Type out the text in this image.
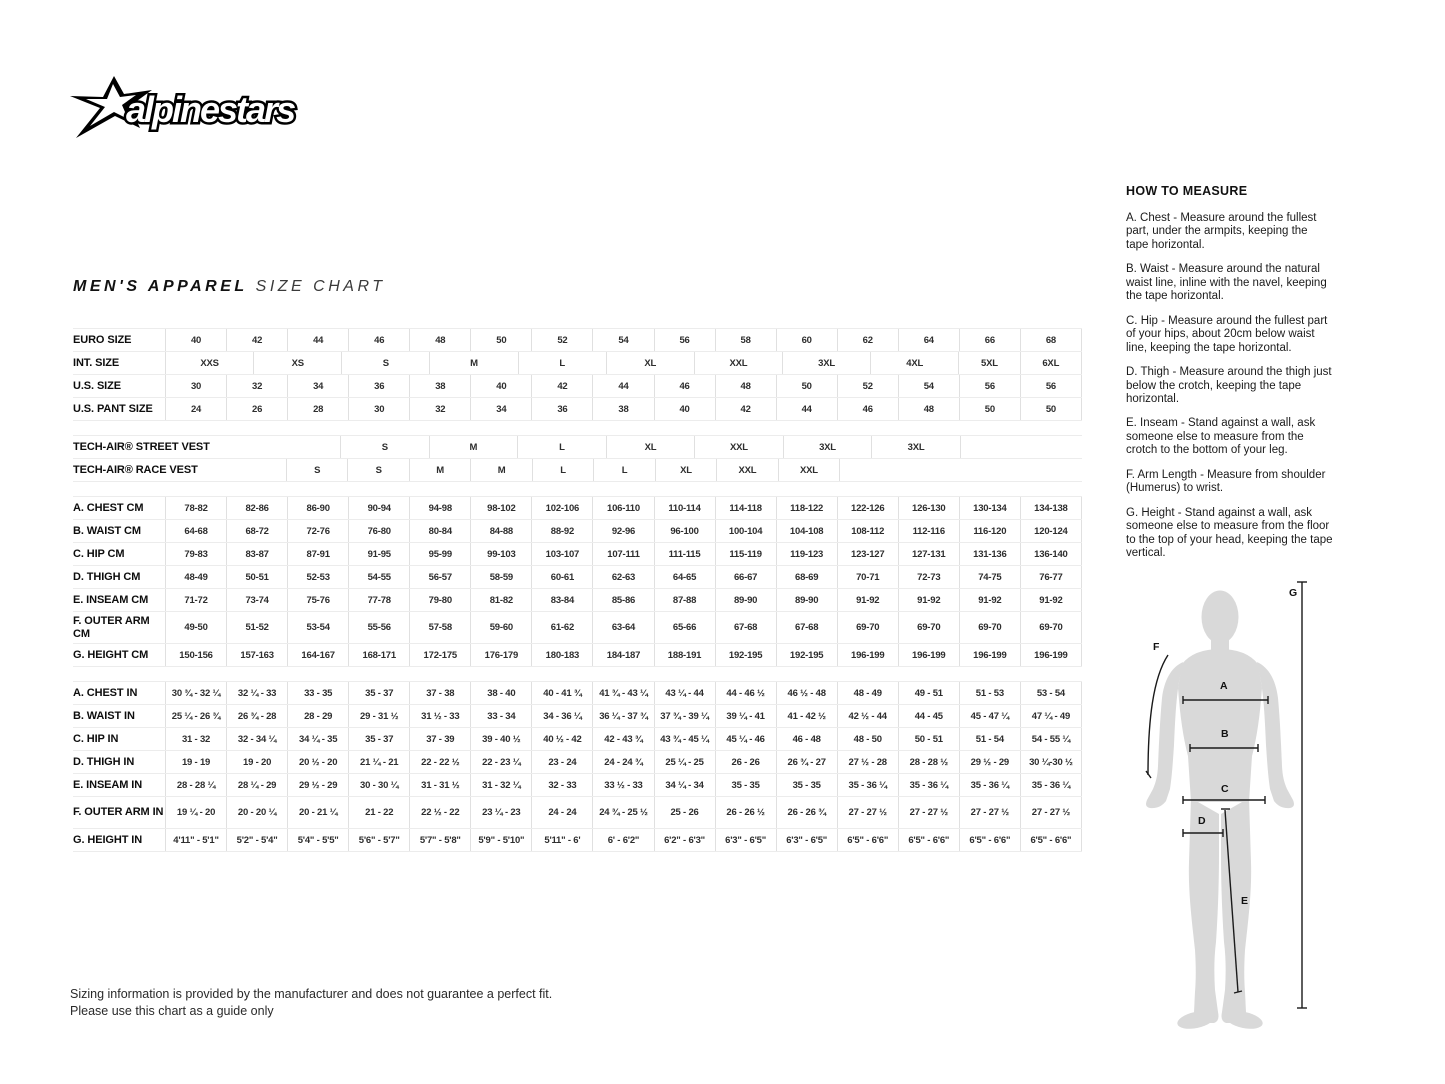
alpinestars
MEN'S APPAREL SIZE CHART
EURO SIZE	40	42	44	46	48	50	52	54	56	58	60	62	64	66	68
INT. SIZE	XXS	XS	S	M	L	XL	XXL	3XL	4XL	5XL	6XL
U.S. SIZE	30	32	34	36	38	40	42	44	46	48	50	52	54	56	56
U.S. PANT SIZE	24	26	28	30	32	34	36	38	40	42	44	46	48	50	50
TECH-AIR® STREET VEST	S	M	L	XL	XXL	3XL	3XL
TECH-AIR® RACE VEST	S	S	M	M	L	L	XL	XXL	XXL
A. CHEST CM	78-82	82-86	86-90	90-94	94-98	98-102	102-106	106-110	110-114	114-118	118-122	122-126	126-130	130-134	134-138
B. WAIST CM	64-68	68-72	72-76	76-80	80-84	84-88	88-92	92-96	96-100	100-104	104-108	108-112	112-116	116-120	120-124
C. HIP CM	79-83	83-87	87-91	91-95	95-99	99-103	103-107	107-111	111-115	115-119	119-123	123-127	127-131	131-136	136-140
D. THIGH CM	48-49	50-51	52-53	54-55	56-57	58-59	60-61	62-63	64-65	66-67	68-69	70-71	72-73	74-75	76-77
E. INSEAM CM	71-72	73-74	75-76	77-78	79-80	81-82	83-84	85-86	87-88	89-90	89-90	91-92	91-92	91-92	91-92
F. OUTER ARM CM	49-50	51-52	53-54	55-56	57-58	59-60	61-62	63-64	65-66	67-68	67-68	69-70	69-70	69-70	69-70
G. HEIGHT CM	150-156	157-163	164-167	168-171	172-175	176-179	180-183	184-187	188-191	192-195	192-195	196-199	196-199	196-199	196-199
A. CHEST IN	30 ¾ - 32 ¼	32 ¼ - 33	33 - 35	35 - 37	37 - 38	38 - 40	40 - 41 ¾	41 ¾ - 43 ¼	43 ¼ - 44	44 - 46 ½	46 ½ - 48	48 - 49	49 - 51	51 - 53	53 - 54
B. WAIST IN	25 ¼ - 26 ¾	26 ¾ - 28	28 - 29	29 - 31 ½	31 ½ - 33	33 - 34	34 - 36 ¼	36 ¼ - 37 ¾	37 ¾ - 39 ¼	39 ¼ - 41	41 - 42 ½	42 ½ - 44	44 - 45	45 - 47 ¼	47 ¼ - 49
C. HIP IN	31 - 32	32 - 34 ¼	34 ¼ - 35	35 - 37	37 - 39	39 - 40 ½	40 ½ - 42	42 - 43 ¾	43 ¾ - 45 ¼	45 ¼ - 46	46 - 48	48 - 50	50 - 51	51 - 54	54 - 55 ¼
D. THIGH IN	19 - 19	19 - 20	20 ½ - 20	21 ¼ - 21	22 - 22 ½	22 - 23 ¼	23 - 24	24 - 24 ¾	25 ¼ - 25	26 - 26	26 ¾ - 27	27 ½ - 28	28 - 28 ½	29 ½ - 29	30 ¼-30 ½
E. INSEAM IN	28 - 28 ¼	28 ¼ - 29	29 ½ - 29	30 - 30 ¼	31 - 31 ½	31 - 32 ¼	32 - 33	33 ½ - 33	34 ¼ - 34	35 - 35	35 - 35	35 - 36 ¼	35 - 36 ¼	35 - 36 ¼	35 - 36 ¼
F. OUTER ARM IN	19 ¼ - 20	20 - 20 ¼	20 - 21 ¼	21 - 22	22 ½ - 22	23 ¼ - 23	24 - 24	24 ¾ - 25 ½	25 - 26	26 - 26 ½	26 - 26 ¾	27 - 27 ½	27 - 27 ½	27 - 27 ½	27 - 27 ½
G. HEIGHT IN	4'11" - 5'1"	5'2" - 5'4"	5'4" - 5'5"	5'6" - 5'7"	5'7" - 5'8"	5'9" - 5'10"	5'11" - 6'	6' - 6'2"	6'2" - 6'3"	6'3" - 6'5"	6'3" - 6'5"	6'5" - 6'6"	6'5" - 6'6"	6'5" - 6'6"	6'5" - 6'6"
HOW TO MEASURE

A. Chest - Measure around the fullest part, under the armpits, keeping the tape horizontal.

B. Waist - Measure around the natural waist line, inline with the navel, keeping the tape horizontal.

C. Hip - Measure around the fullest part of your hips, about 20cm below waist line, keeping the tape horizontal.

D. Thigh - Measure around the thigh just below the crotch, keeping the tape horizontal.

E. Inseam - Stand against a wall, ask someone else to measure from the crotch to the bottom of your leg.

F. Arm Length - Measure from shoulder (Humerus) to wrist.

G. Height - Stand against a wall, ask someone else to measure from the floor to the top of your head, keeping the tape vertical.

A
B
C
D
E
F
G
Sizing information is provided by the manufacturer and does not guarantee a perfect fit.
Please use this chart as a guide only
